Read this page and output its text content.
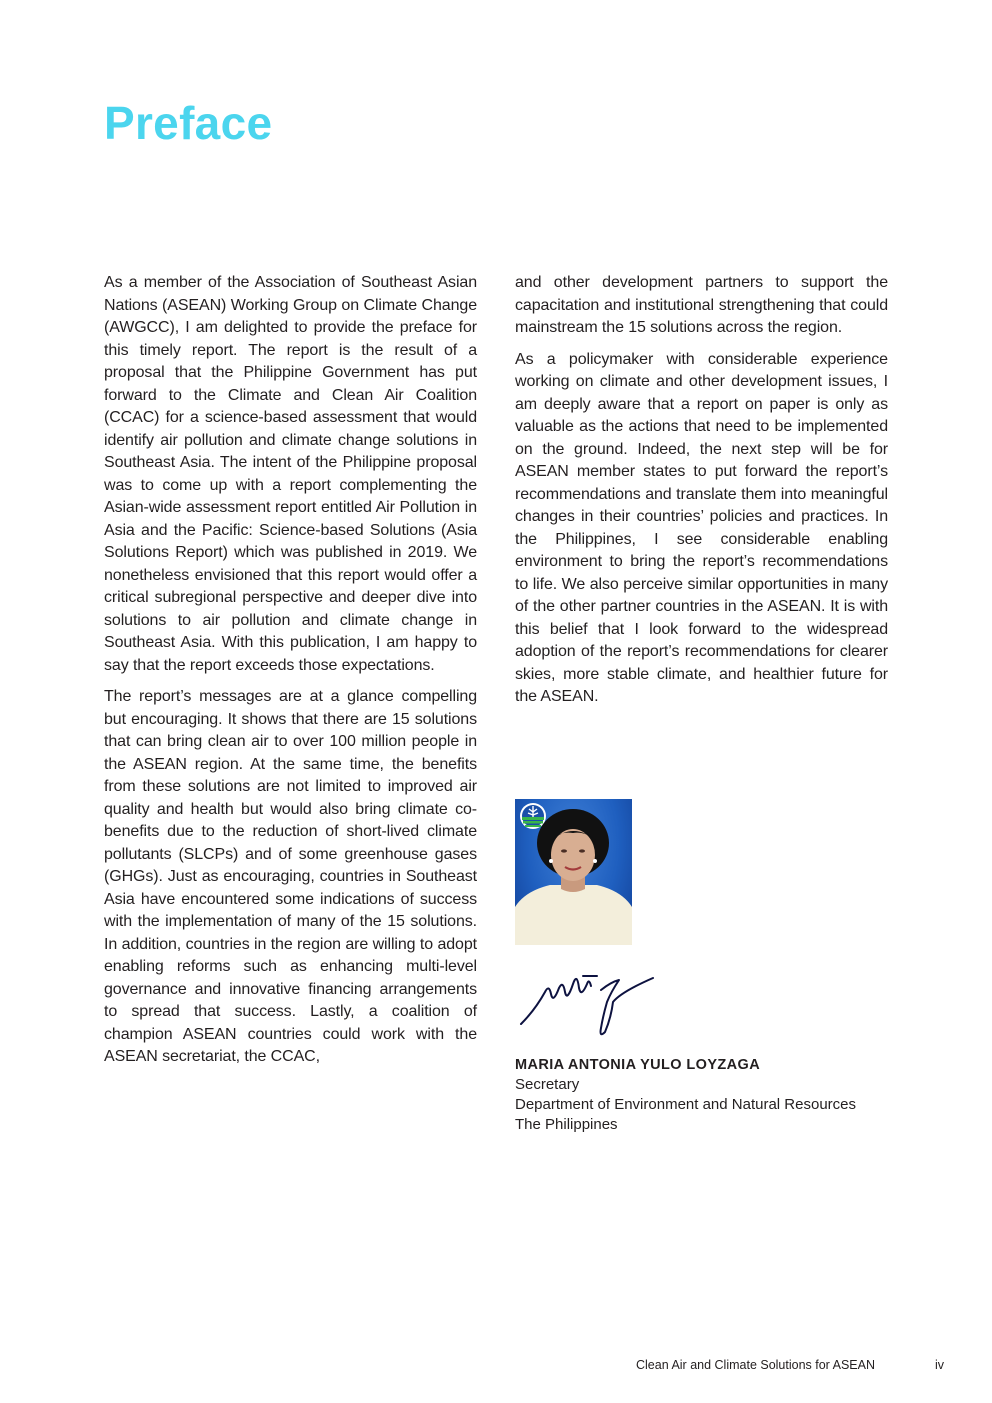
Preface

As a member of the Association of Southeast Asian Nations (ASEAN) Working Group on Climate Change (AWGCC), I am delighted to provide the preface for this timely report. The report is the result of a proposal that the Philippine Government has put forward to the Climate and Clean Air Coalition (CCAC) for a science-based assessment that would identify air pollution and climate change solutions in Southeast Asia. The intent of the Philippine proposal was to come up with a report complementing the Asian-wide assessment report entitled Air Pollution in Asia and the Pacific: Science-based Solutions (Asia Solutions Report) which was published in 2019. We nonetheless envisioned that this report would offer a critical subregional perspective and deeper dive into solutions to air pollution and climate change in Southeast Asia. With this publication, I am happy to say that the report exceeds those expectations.

The report’s messages are at a glance compelling but encouraging. It shows that there are 15 solutions that can bring clean air to over 100 million people in the ASEAN region. At the same time, the benefits from these solutions are not limited to improved air quality and health but would also bring climate co-benefits due to the reduction of short-lived climate pollutants (SLCPs) and of some greenhouse gases (GHGs). Just as encouraging, countries in Southeast Asia have encountered some indications of success with the implementation of many of the 15 solutions. In addition, countries in the region are willing to adopt enabling reforms such as enhancing multi-level governance and innovative financing arrangements to spread that success. Lastly, a coalition of champion ASEAN countries could work with the ASEAN secretariat, the CCAC,

and other development partners to support the capacitation and institutional strengthening that could mainstream the 15 solutions across the region.

As a policymaker with considerable experience working on climate and other development issues, I am deeply aware that a report on paper is only as valuable as the actions that need to be implemented on the ground. Indeed, the next step will be for ASEAN member states to put forward the report’s recommendations and translate them into meaningful changes in their countries’ policies and practices. In the Philippines, I see considerable enabling environment to bring the report’s recommendations to life. We also perceive similar opportunities in many of the other partner countries in the ASEAN. It is with this belief that I look forward to the widespread adoption of the report’s recommendations for clearer skies, more stable climate, and healthier future for the ASEAN.

MARIA ANTONIA YULO LOYZAGA
Secretary
Department of Environment and Natural Resources
The Philippines
Clean Air and Climate Solutions for ASEAN	iv
